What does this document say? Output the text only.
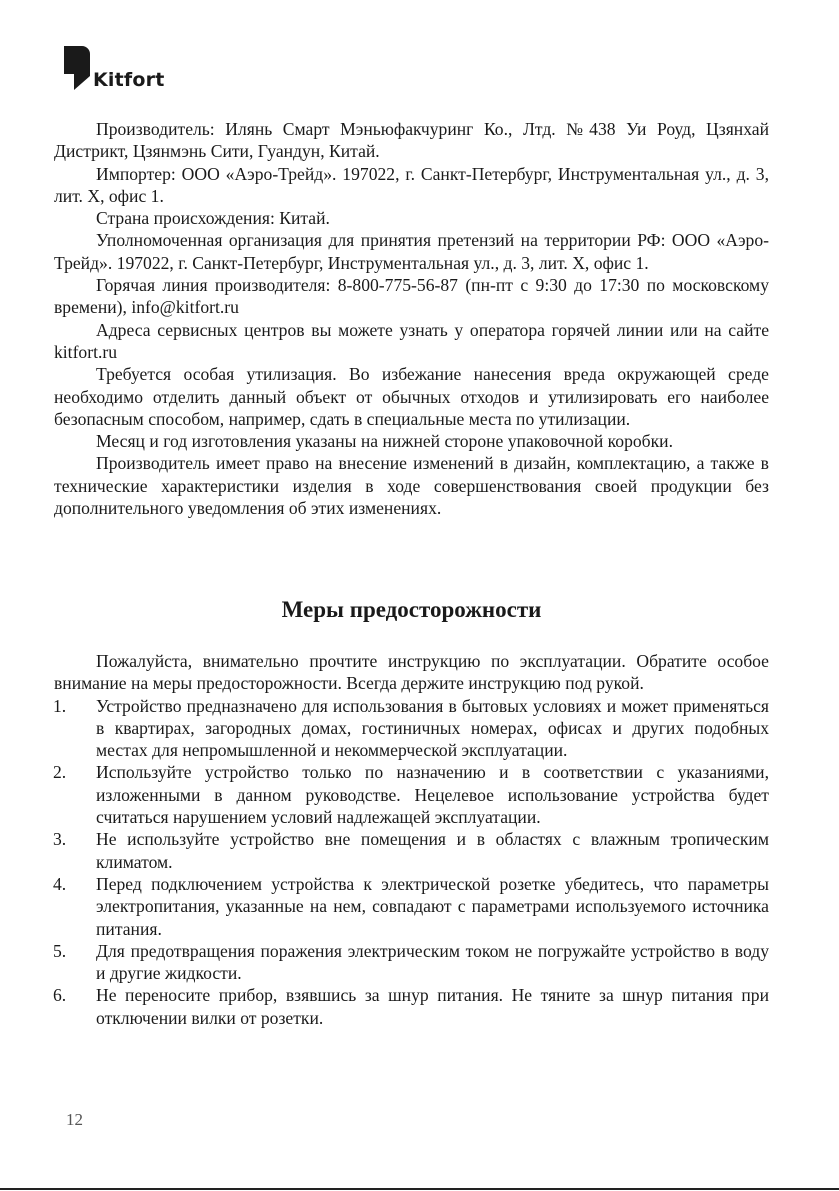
Kitfort

Производитель: Илянь Смарт Мэньюфакчуринг Ко., Лтд. №438 Уи Роуд, Цзянхай Дистрикт, Цзянмэнь Сити, Гуандун, Китай.

Импортер: ООО «Аэро-Трейд». 197022, г. Санкт-Петербург, Инструментальная ул., д. 3, лит. Х, офис 1.

Страна происхождения: Китай.

Уполномоченная организация для принятия претензий на территории РФ: ООО «Аэро-Трейд». 197022, г. Санкт-Петербург, Инструментальная ул., д. 3, лит. Х, офис 1.

Горячая линия производителя: 8-800-775-56-87 (пн-пт с 9:30 до 17:30 по московскому времени), info@kitfort.ru

Адреса сервисных центров вы можете узнать у оператора горячей линии или на сайте kitfort.ru

Требуется особая утилизация. Во избежание нанесения вреда окружающей среде необходимо отделить данный объект от обычных отходов и утилизировать его наиболее безопасным способом, например, сдать в специальные места по утилизации.

Месяц и год изготовления указаны на нижней стороне упаковочной коробки.

Производитель имеет право на внесение изменений в дизайн, комплектацию, а также в технические характеристики изделия в ходе совершенствования своей продукции без дополнительного уведомления об этих изменениях.

Меры предосторожности

Пожалуйста, внимательно прочтите инструкцию по эксплуатации. Обратите особое внимание на меры предосторожности. Всегда держите инструкцию под рукой.

1. Устройство предназначено для использования в бытовых условиях и может применяться в квартирах, загородных домах, гостиничных номерах, офисах и других подобных местах для непромышленной и некоммерческой эксплуатации.
2. Используйте устройство только по назначению и в соответствии с указаниями, изложенными в данном руководстве. Нецелевое использование устройства будет считаться нарушением условий надлежащей эксплуатации.
3. Не используйте устройство вне помещения и в областях с влажным тропическим климатом.
4. Перед подключением устройства к электрической розетке убедитесь, что параметры электропитания, указанные на нем, совпадают с параметрами используемого источника питания.
5. Для предотвращения поражения электрическим током не погружайте устройство в воду и другие жидкости.
6. Не переносите прибор, взявшись за шнур питания. Не тяните за шнур питания при отключении вилки от розетки.
12
